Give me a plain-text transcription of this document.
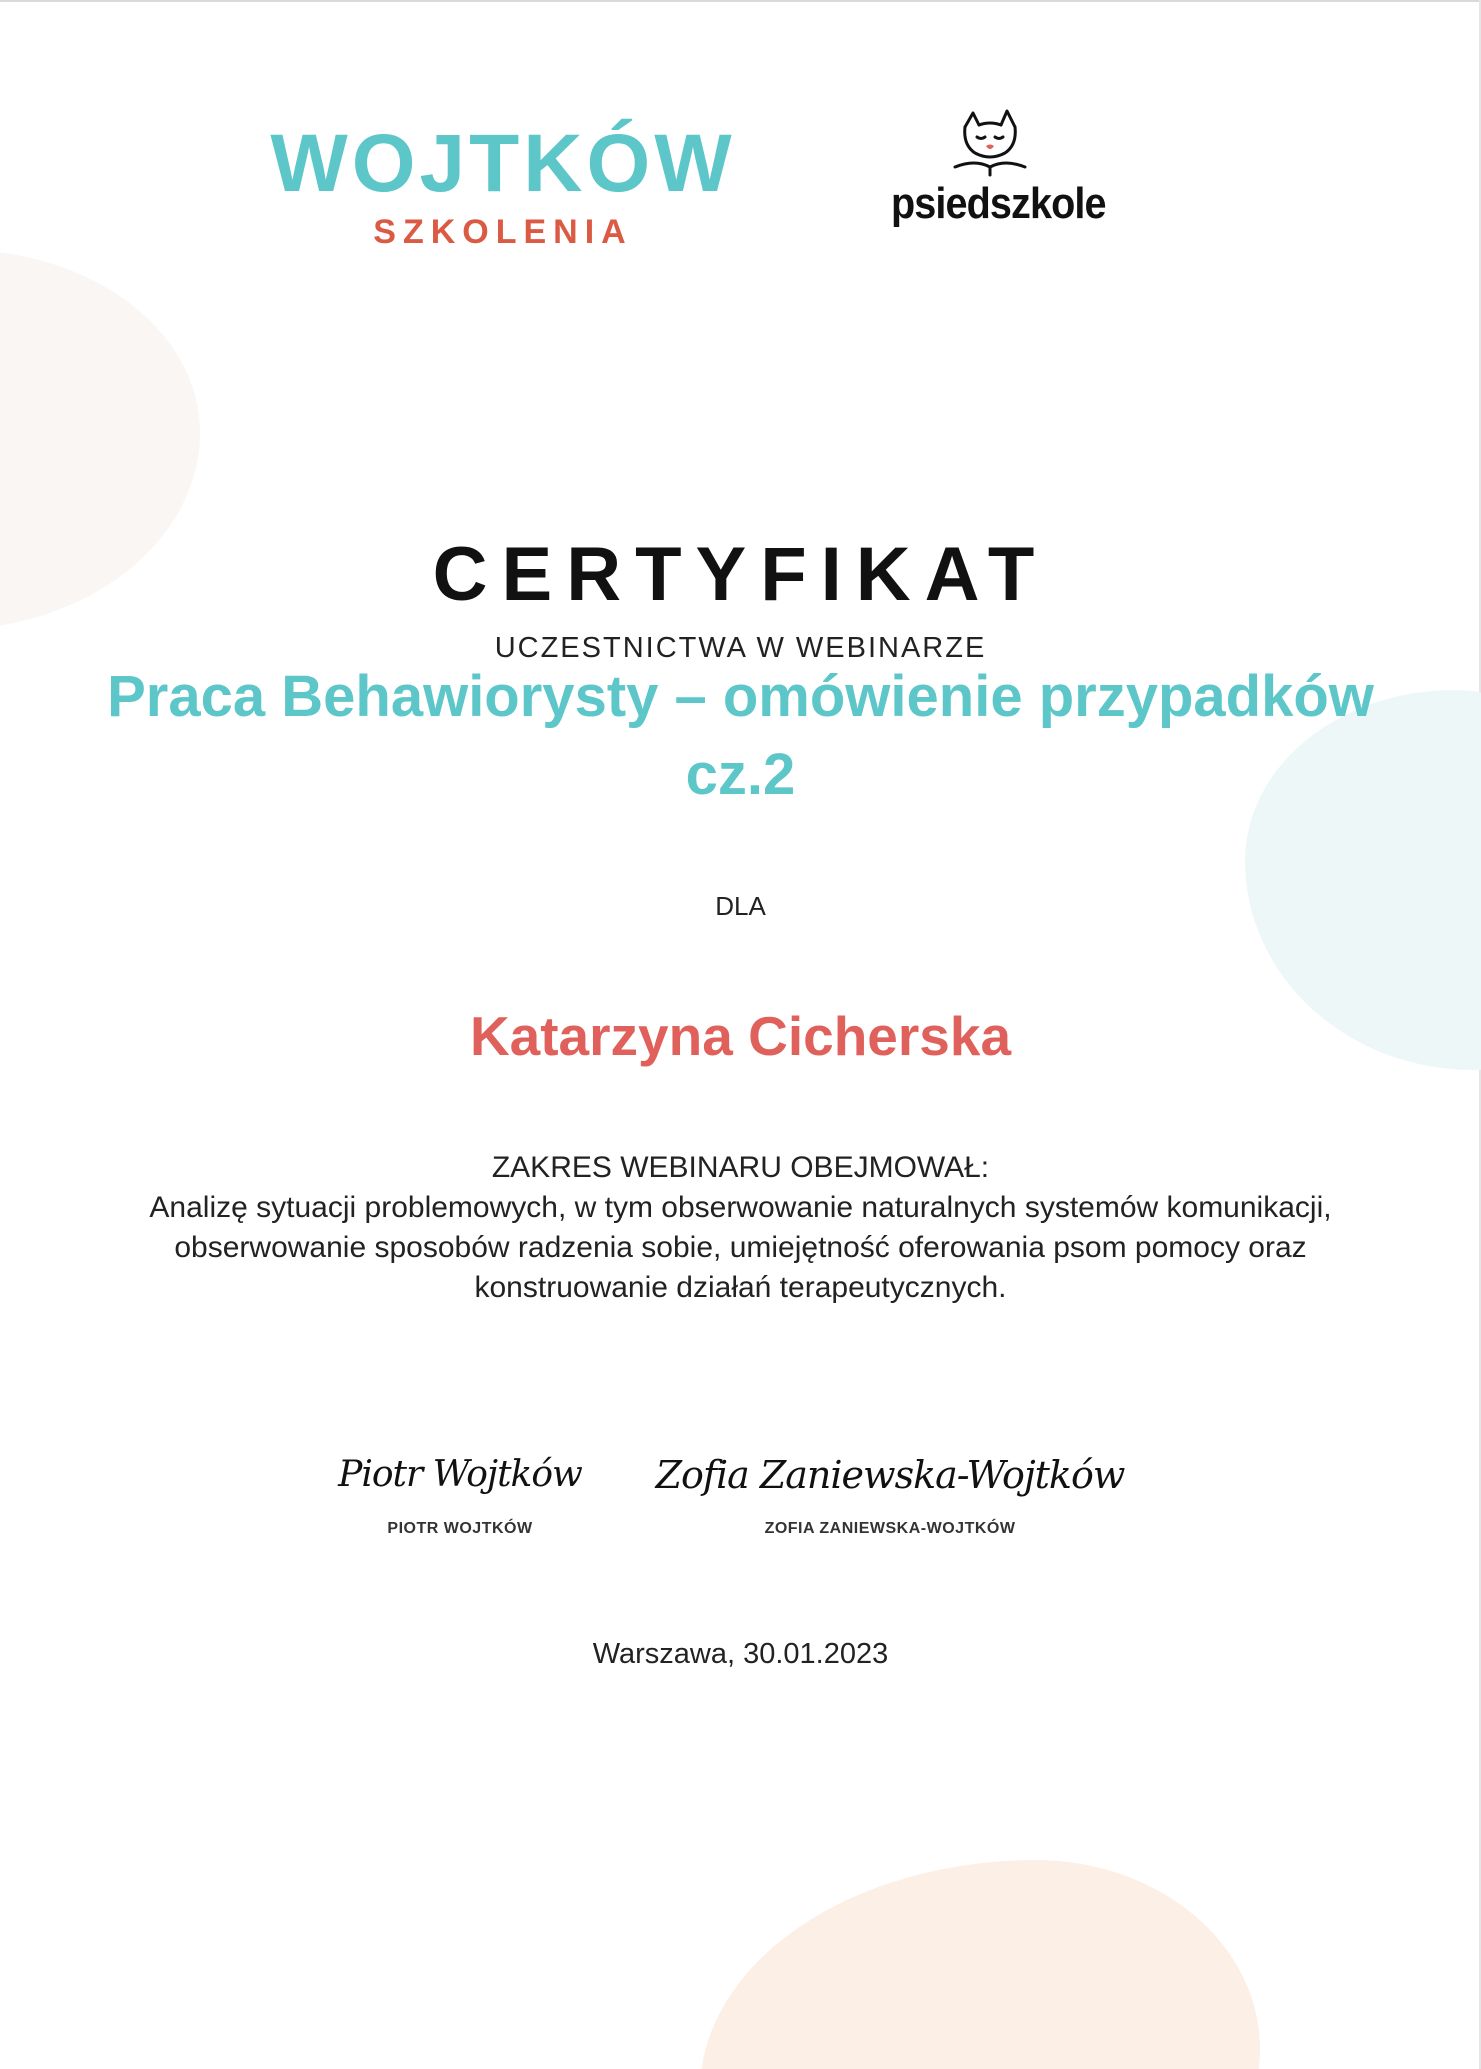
WOJTKÓW
SZKOLENIA
psiedszkole
CERTYFIKAT
UCZESTNICTWA W WEBINARZE
Praca Behawiorysty – omówienie przypadków cz.2
DLA
Katarzyna Cicherska
ZAKRES WEBINARU OBEJMOWAŁ:
Analizę sytuacji problemowych, w tym obserwowanie naturalnych systemów komunikacji, obserwowanie sposobów radzenia sobie, umiejętność oferowania psom pomocy oraz konstruowanie działań terapeutycznych.
Piotr Wojtków
PIOTR WOJTKÓW
Zofia Zaniewska-Wojtków
ZOFIA ZANIEWSKA-WOJTKÓW
Warszawa, 30.01.2023
